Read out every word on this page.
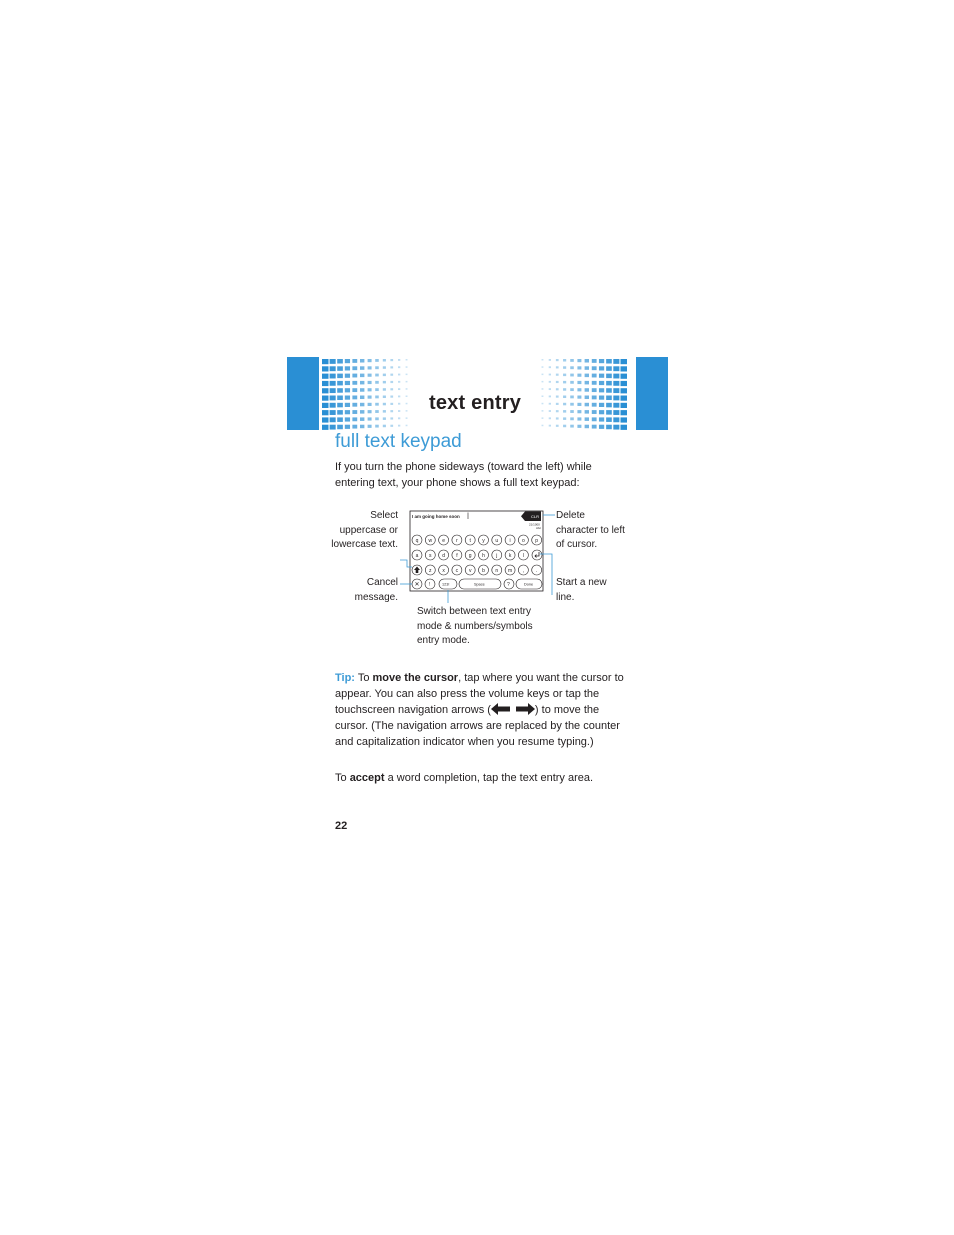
text entry
full text keypad
If you turn the phone sideways (toward the left) while entering text, your phone shows a full text keypad:
I am going home soon	CLR
21/1000
Abc
q w e r t y u i o p
a s d f g h j k l
z x c v b n m , .
✕ !	123!	Space	?	Done
Select uppercase or lowercase text.
Cancel message.
Delete character to left of cursor.
Start a new line.
Switch between text entry mode & numbers/symbols entry mode.
Tip: To move the cursor, tap where you want the cursor to appear. You can also press the volume keys or tap the touchscreen navigation arrows (	) to move the cursor. (The navigation arrows are replaced by the counter and capitalization indicator when you resume typing.)
To accept a word completion, tap the text entry area.
22
